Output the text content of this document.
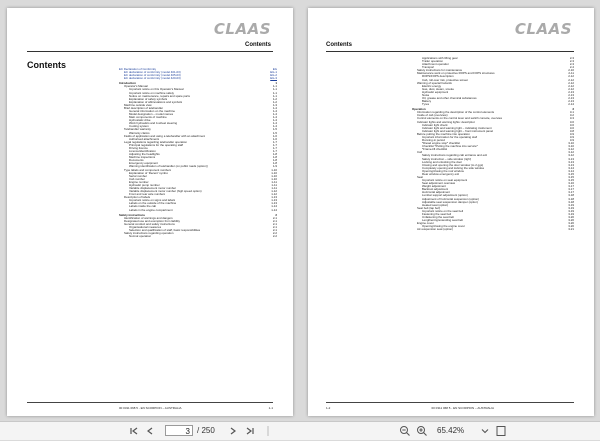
CLAAS
Contents
Contents	EC Declaration of Conformity	EG
EC declaration of conformity (model 401-03)	EG-1
EC declaration of conformity (model 405-03)	EG-2
EC declaration of conformity (model 420-03)	EG-3
Introduction	1
Operator's Manual	1-1
Important notice on this Operator's Manual	1-1
Important notice on machine safety	1-1
Notice on maintenance, repairs and spare parts	1-1
Explanation of safety symbols	1-2
Explanation of abbreviations and symbols	1-2
Machine outside view	1-3
Brief description of telehandler	1-4
General information on the machine	1-4
Model designation – model names	1-4
Main components of machine	1-4
Hydrostatic drive	1-4
Work hydraulics and 4-wheel steering	1-4
Cooling system	1-4
Telehandler warranty	1-5
Warranty claims	1-5
Fields of application and using a telehandler with an attachment	1-6
Authorised attachments	1-6
Legal regulations regarding telehandler operation	1-7
Principal regulations for the operating staff	1-7
Driving licence	1-7
Licence/identification	1-7
Adjusting the headlights	1-8
Machine inspections	1-8
Documents	1-8
Emergency equipment	1-8
Warning identification of telehandler (on public roads (option))	1-9
Type labels and component numbers	1-10
Explanation of ‘Recent’ symbol	1-10
Serial number	1-10
Cab number	1-10
Engine number	1-11
Hydraulic pump number	1-11
Variable displacement motor number	1-11
Variable displacement motor number (high speed option)	1-12
Front and rear axle numbers	1-12
Description of labels	1-13
Important notice on signs and labels	1-13
Labels on the outside of the machine	1-13
Labels inside the cab	1-14
Labels in the engine compartment	1-14
Safety instructions	2
Identification of warnings and dangers	2-1
Designated use and exemption from liability	2-1
General conduct and safety instructions	2-1
Organisational measures	2-1
Selection and qualification of staff, basic responsibilities	2-1
Safety instructions regarding operation	2-2
Normal operation	2-2
00 0311 068 5 - EN SCORPION – AUSTRALIA	1-1
CLAAS
Contents
Applications with lifting gear	2-3
Trailer operation	2-3
Attachment operation	2-3
Transport	2-4
Safety instructions for maintenance	2-10
Maintenance work on protective ROPS and FOPS structures	2-11
ROPS/FOPS description	2-12
Cab, roll-over risk, protective screen	2-12
Warning of special hazards	2-12
Electric energy	2-12
Gas, dust, steam, smoke	2-12
Hydraulic equipment	2-13
Noise	2-13
Oil, grease and other chemical substances	2-13
Battery	2-13
Tyres	2-14
Operation	3
Information regarding the description of the control elements	3-1
Inside of cab (overview)	3-2
Control elements on the control lever and switch console, overview	3-3
Indicator lights and warning lights: description	3-6
Indicator light check	3-6
Indicator light and warning light – indicating instrument	3-6
Indicator light and warning light – front instrument panel	3-8
Before putting the machine into operation	3-9
Important information for the operating staff	3-9
Running-in period	3-9
*Diesel engine stop* checklist	3-10
Checklist *Putting the machine into service*	3-10
*Frame-lift checklist	3-12
Cab	3-12
Safety instructions regarding cab entrance and exit	3-12
Safety instruction – side window (right)	3-13
Locking and unlocking the door	3-13
Closing and opening the door window (to 2 ggs)	3-13
Completely opening and locking the side window	3-14
Opening/closing the roof window	3-14
Rear window emergency exit	3-15
Seat	3-15
Important notice on seat equipment	3-15
Seat adjustment overview	3-16
Weight adjustment	3-17
Backrest adjustment	3-17
Horizontal adjustment	3-17
Lumbar support adjustment (option)	3-18
Adjustment of horizontal suspension (option)	3-18
Adjustable seat suspension damper (option)	3-18
Heated seat (option)	3-19
Seat belt (lap belt)	3-19
Important notice on the seat belt	3-19
Fastening the seat belt	3-19
Unfastening the seat belt	3-20
Lengthening/extending seat belt	3-20
Engine cover	3-20
Opening/closing the engine cover	3-20
Air-suspension seat (option)	3-21
1-2	00 0311 068 5 - EN SCORPION – AUSTRALIA
3 / 250	65.42%
